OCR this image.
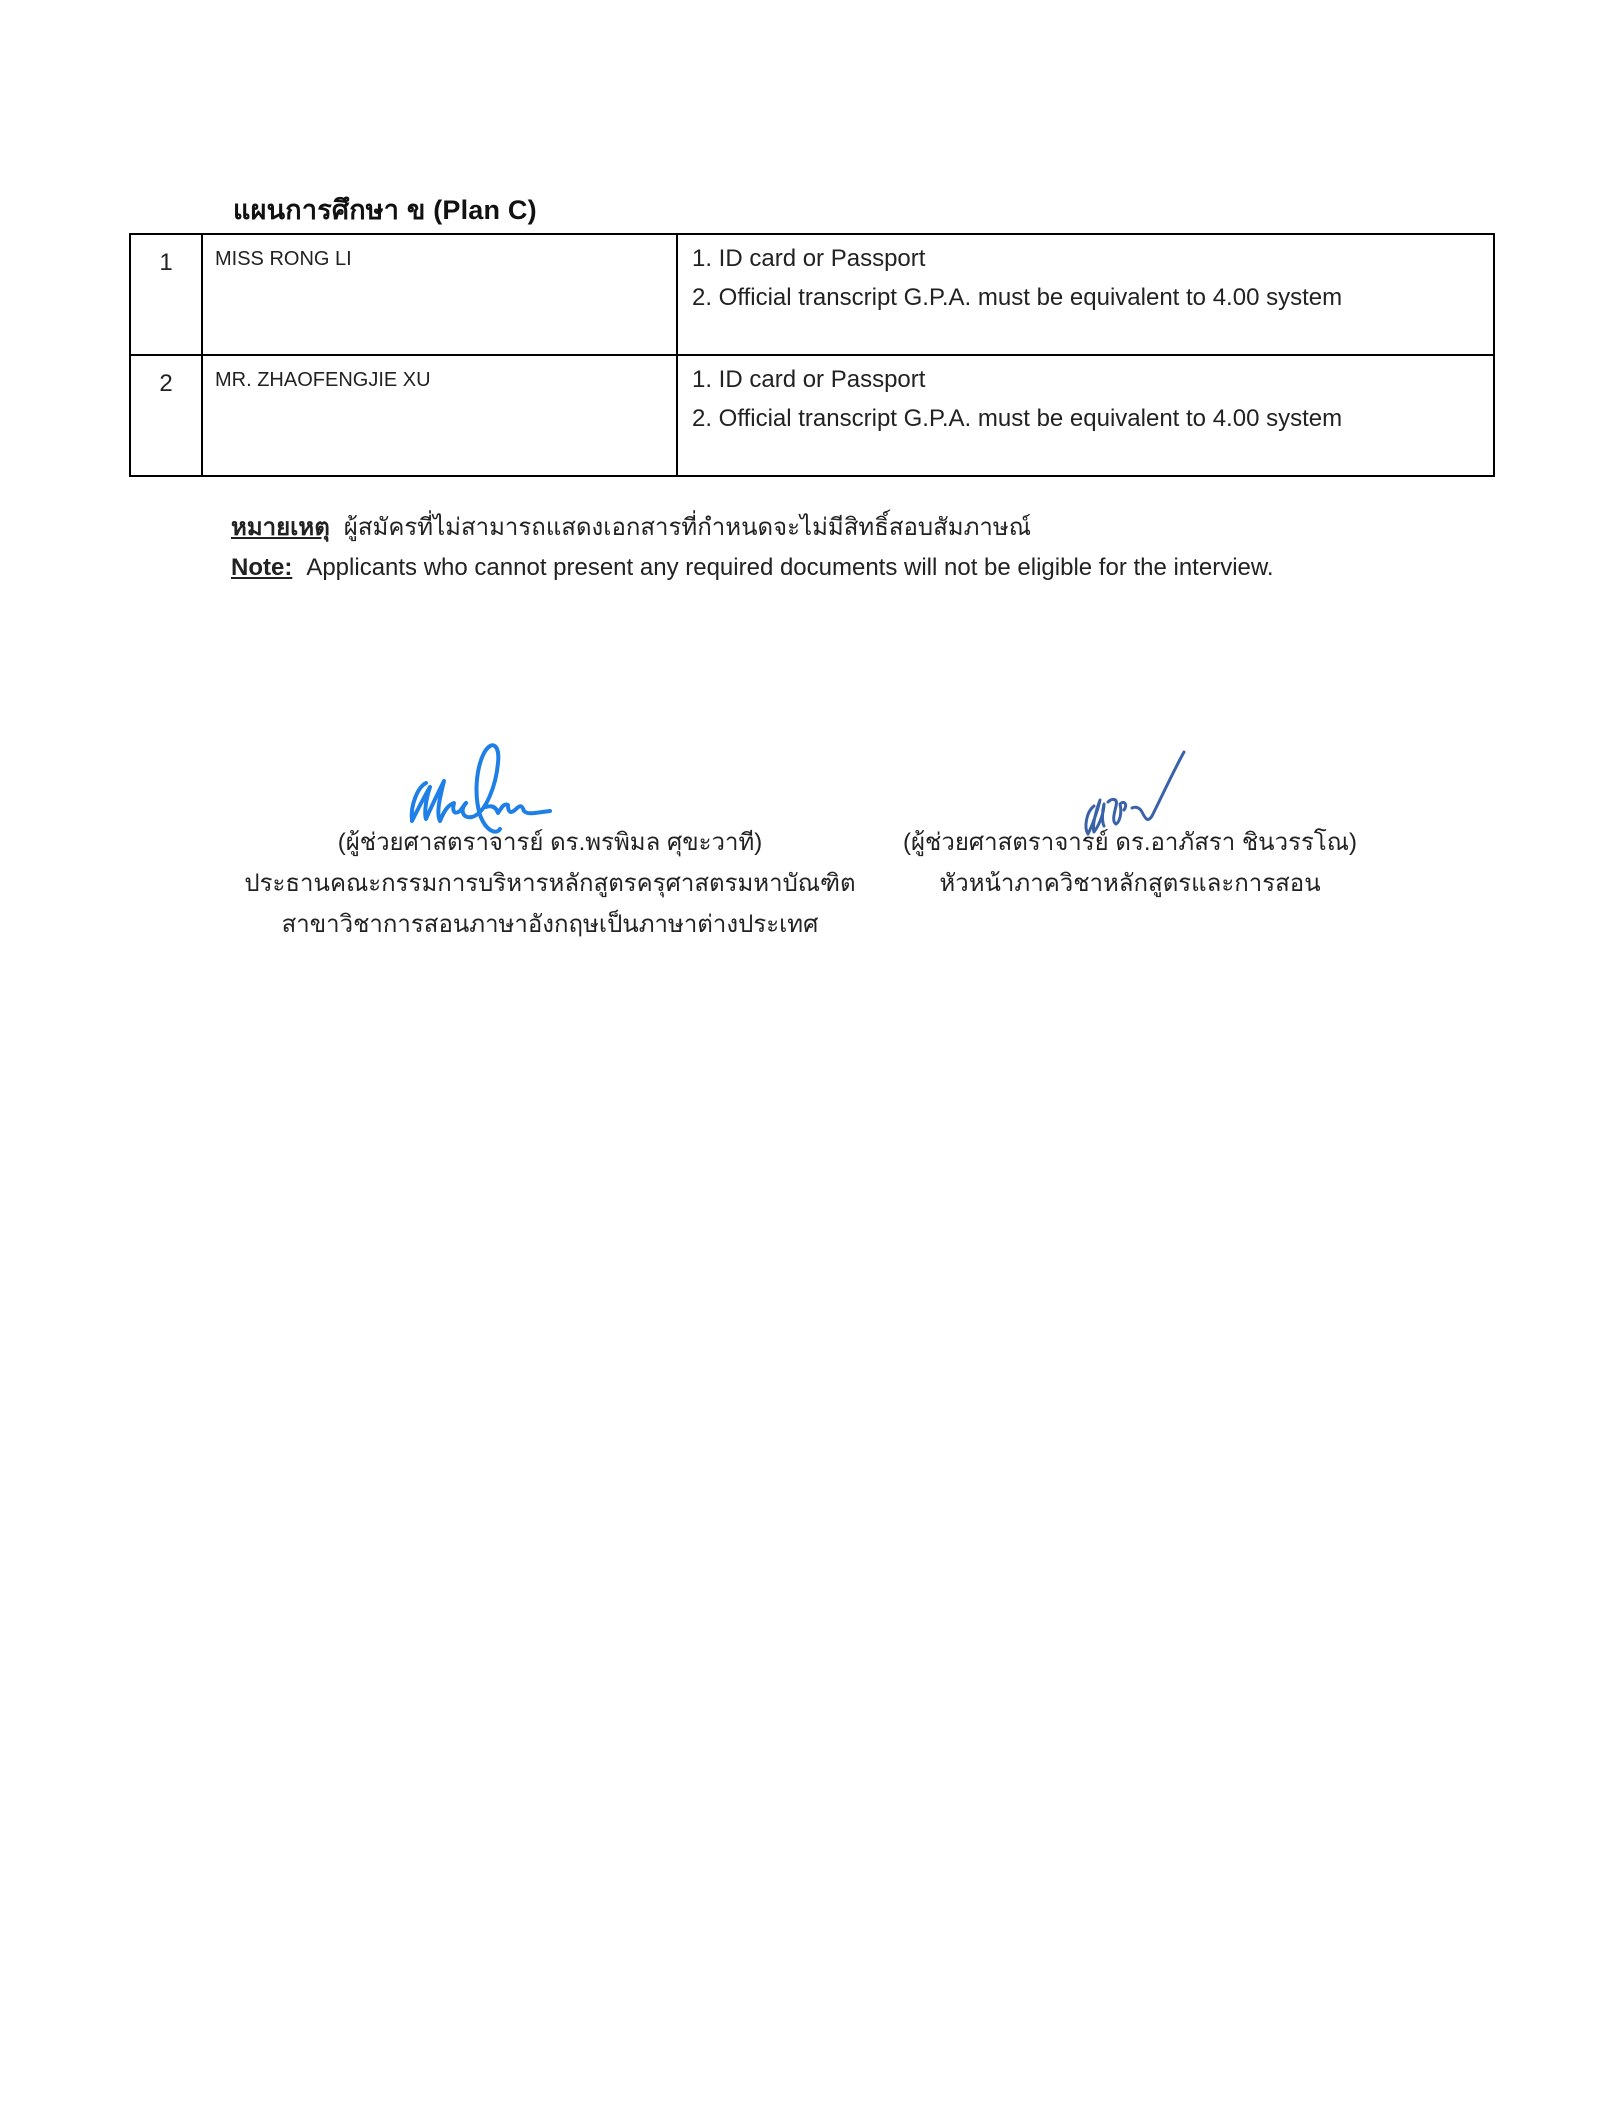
แผนการศึกษา ข (Plan C)
1	MISS RONG LI	1. ID card or Passport
2. Official transcript G.P.A. must be equivalent to 4.00 system

2	MR. ZHAOFENGJIE XU	1. ID card or Passport
2. Official transcript G.P.A. must be equivalent to 4.00 system
หมายเหตุ ผู้สมัครที่ไม่สามารถแสดงเอกสารที่กำหนดจะไม่มีสิทธิ์สอบสัมภาษณ์
Note: Applicants who cannot present any required documents will not be eligible for the interview.
(ผู้ช่วยศาสตราจารย์ ดร.พรพิมล ศุขะวาที)
ประธานคณะกรรมการบริหารหลักสูตรครุศาสตรมหาบัณฑิต
สาขาวิชาการสอนภาษาอังกฤษเป็นภาษาต่างประเทศ
(ผู้ช่วยศาสตราจารย์ ดร.อาภัสรา ชินวรรโณ)
หัวหน้าภาควิชาหลักสูตรและการสอน
